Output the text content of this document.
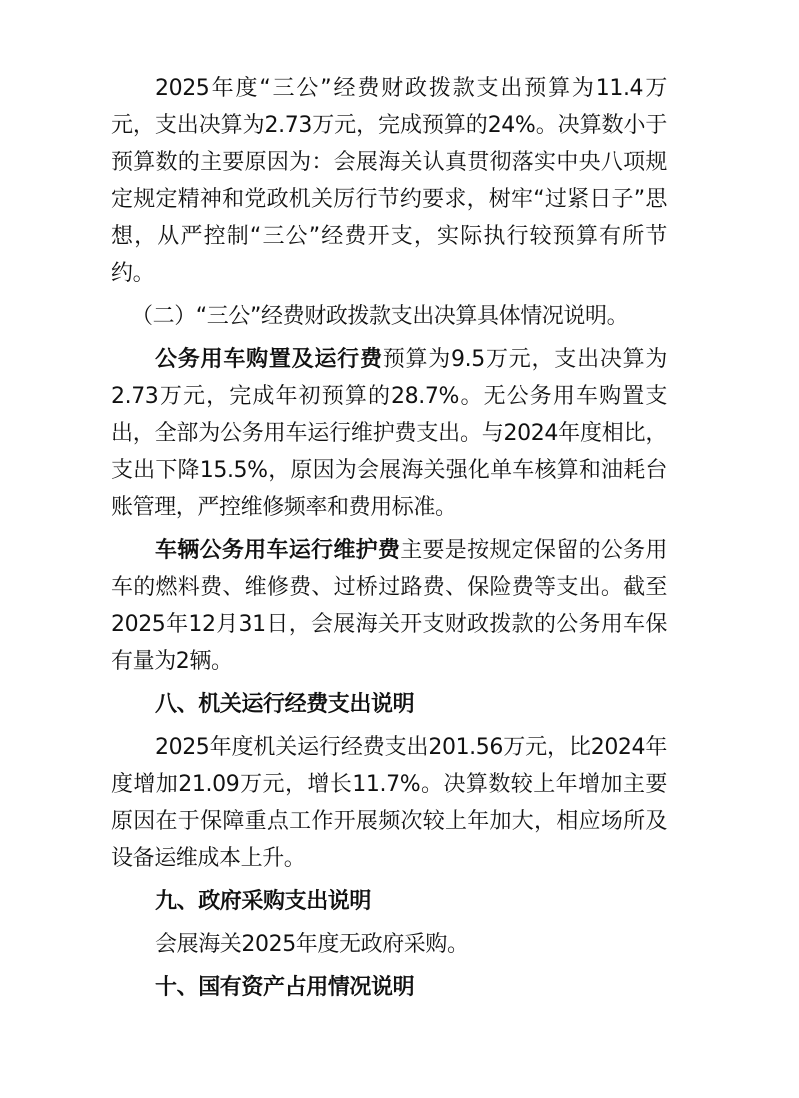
2025年度“三公”经费财政拨款支出预算为11.4万元，支出决算为2.73万元，完成预算的24%。决算数小于预算数的主要原因为：会展海关认真贯彻落实中央八项规定规定精神和党政机关厉行节约要求，树牢“过紧日子”思想，从严控制“三公”经费开支，实际执行较预算有所节约。

（二）“三公”经费财政拨款支出决算具体情况说明。

公务用车购置及运行费预算为9.5万元，支出决算为2.73万元，完成年初预算的28.7%。无公务用车购置支出，全部为公务用车运行维护费支出。与2024年度相比，支出下降15.5%，原因为会展海关强化单车核算和油耗台账管理，严控维修频率和费用标准。

车辆公务用车运行维护费主要是按规定保留的公务用车的燃料费、维修费、过桥过路费、保险费等支出。截至2025年12月31日，会展海关开支财政拨款的公务用车保有量为2辆。

八、机关运行经费支出说明

2025年度机关运行经费支出201.56万元，比2024年度增加21.09万元，增长11.7%。决算数较上年增加主要原因在于保障重点工作开展频次较上年加大，相应场所及设备运维成本上升。

九、政府采购支出说明

会展海关2025年度无政府采购。

十、国有资产占用情况说明
